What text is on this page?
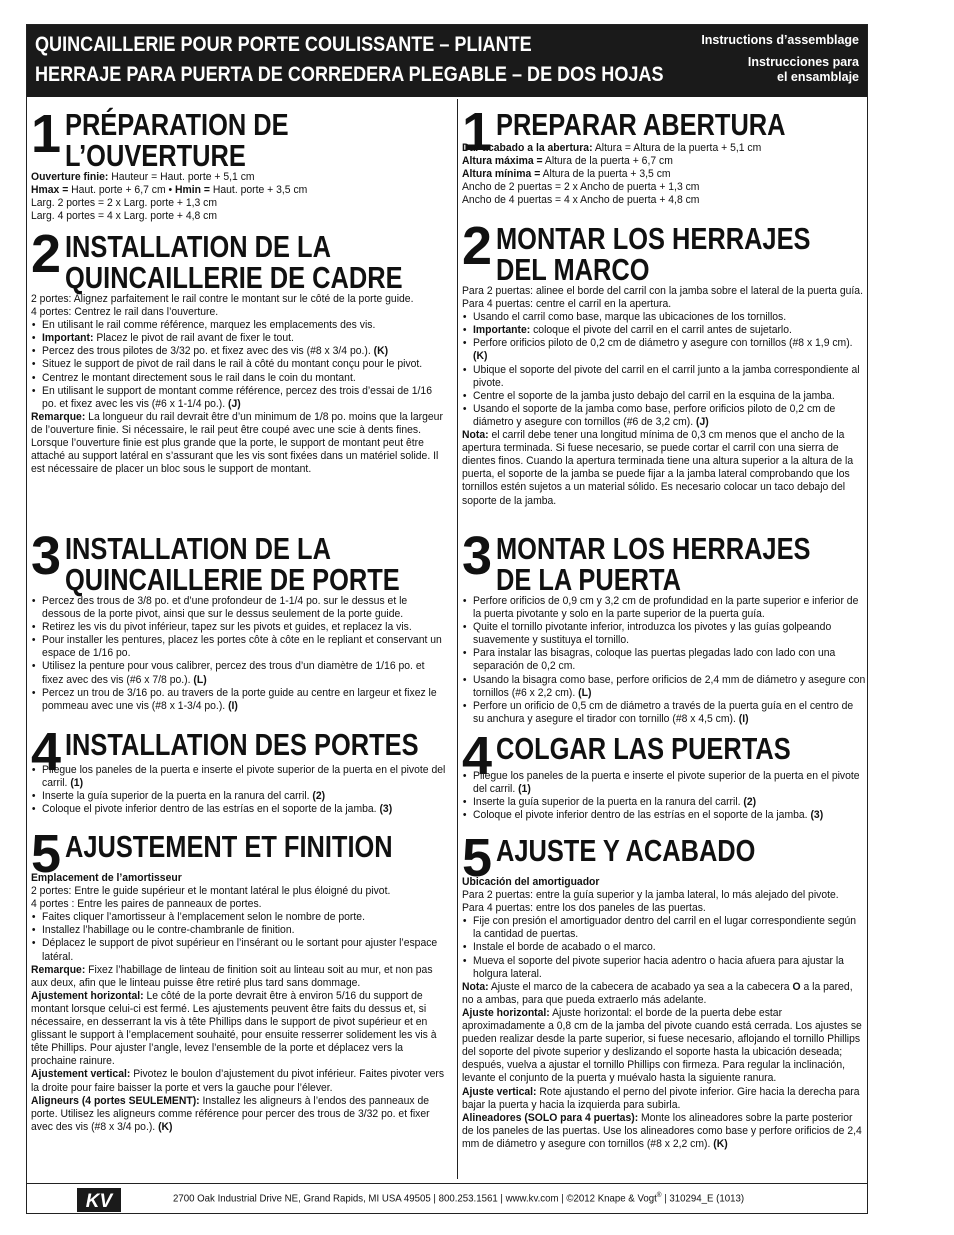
QUINCAILLERIE POUR PORTE COULISSANTE – PLIANTE
HERRAJE PARA PUERTA DE CORREDERA PLEGABLE – DE DOS HOJAS
Instructions d’assemblage
Instrucciones para
el ensamblaje
1 PRÉPARATION DE
L’OUVERTURE

Ouverture finie: Hauteur = Haut. porte + 5,1 cm

Hmax = Haut. porte + 6,7 cm • Hmin = Haut. porte + 3,5 cm

Larg. 2 portes = 2 x Larg. porte + 1,3 cm

Larg. 4 portes = 4 x Larg. porte + 4,8 cm

2 INSTALLATION DE LA
QUINCAILLERIE DE CADRE

2 portes: Alignez parfaitement le rail contre le montant sur le côté de la porte guide.

4 portes: Centrez le rail dans l’ouverture.

• En utilisant le rail comme référence, marquez les emplacements des vis.
• Important: Placez le pivot de rail avant de fixer le tout.
• Percez des trous pilotes de 3/32 po. et fixez avec des vis (#8 x 3/4 po.). (K)
• Situez le support de pivot de rail dans le rail à côté du montant conçu pour le pivot.
• Centrez le montant directement sous le rail dans le coin du montant.
• En utilisant le support de montant comme référence, percez des trois d’essai de 1/16 po. et fixez avec les vis (#6 x 1-1/4 po.). (J)

Remarque: La longueur du rail devrait être d’un minimum de 1/8 po. moins que la largeur de l’ouverture finie. Si nécessaire, le rail peut être coupé avec une scie à dents fines. Lorsque l’ouverture finie est plus grande que la porte, le support de montant peut être attaché au support latéral en s’assurant que les vis sont fixées dans un matériel solide. Il est nécessaire de placer un bloc sous le support de montant.

3 INSTALLATION DE LA
QUINCAILLERIE DE PORTE
• Percez des trous de 3/8 po. et d’une profondeur de 1-1/4 po. sur le dessus et le dessous de la porte pivot, ainsi que sur le dessus seulement de la porte guide.
• Retirez les vis du pivot inférieur, tapez sur les pivots et guides, et replacez la vis.
• Pour installer les pentures, placez les portes côte à côte en le repliant et conservant un espace de 1/16 po.
• Utilisez la penture pour vous calibrer, percez des trous d’un diamètre de 1/16 po. et fixez avec des vis (#6 x 7/8 po.). (L)
• Percez un trou de 3/16 po. au travers de la porte guide au centre en largeur et fixez le pommeau avec une vis (#8 x 1-3/4 po.). (I)
4 INSTALLATION DES PORTES
• Pliegue los paneles de la puerta e inserte el pivote superior de la puerta en el pivote del carril. (1)
• Inserte la guía superior de la puerta en la ranura del carril. (2)
• Coloque el pivote inferior dentro de las estrías en el soporte de la jamba. (3)
5 AJUSTEMENT ET FINITION

Emplacement de l’amortisseur

2 portes: Entre le guide supérieur et le montant latéral le plus éloigné du pivot.

4 portes : Entre les paires de panneaux de portes.

• Faites cliquer l’amortisseur à l’emplacement selon le nombre de porte.
• Installez l’habillage ou le contre-chambranle de finition.
• Déplacez le support de pivot supérieur en l’insérant ou le sortant pour ajuster l’espace latéral.

Remarque: Fixez l’habillage de linteau de finition soit au linteau soit au mur, et non pas aux deux, afin que le linteau puisse être retiré plus tard sans dommage.

Ajustement horizontal: Le côté de la porte devrait être à environ 5/16 du support de montant lorsque celui-ci est fermé. Les ajustements peuvent être faits du dessus et, si nécessaire, en desserrant la vis à tête Phillips dans le support de pivot supérieur et en glissant le support à l’emplacement souhaité, pour ensuite resserrer solidement les vis à tête Phillips. Pour ajuster l’angle, levez l’ensemble de la porte et déplacez vers la prochaine rainure.

Ajustement vertical: Pivotez le boulon d’ajustement du pivot inférieur. Faites pivoter vers la droite pour faire baisser la porte et vers la gauche pour l’élever.

Aligneurs (4 portes SEULEMENT): Installez les aligneurs à l’endos des panneaux de porte. Utilisez les aligneurs comme référence pour percer des trous de 3/32 po. et fixer avec des vis (#8 x 3/4 po.). (K)

1 PREPARAR ABERTURA

Dar acabado a la abertura: Altura = Altura de la puerta + 5,1 cm

Altura máxima = Altura de la puerta + 6,7 cm

Altura mínima = Altura de la puerta + 3,5 cm

Ancho de 2 puertas = 2 x Ancho de puerta + 1,3 cm

Ancho de 4 puertas = 4 x Ancho de puerta + 4,8 cm

2 MONTAR LOS HERRAJES
DEL MARCO

Para 2 puertas: alinee el borde del carril con la jamba sobre el lateral de la puerta guía.

Para 4 puertas: centre el carril en la apertura.

• Usando el carril como base, marque las ubicaciones de los tornillos.
• Importante: coloque el pivote del carril en el carril antes de sujetarlo.
• Perfore orificios piloto de 0,2 cm de diámetro y asegure con tornillos (#8 x 1,9 cm). (K)
• Ubique el soporte del pivote del carril en el carril junto a la jamba correspondiente al pivote.
• Centre el soporte de la jamba justo debajo del carril en la esquina de la jamba.
• Usando el soporte de la jamba como base, perfore orificios piloto de 0,2 cm de diámetro y asegure con tornillos (#6 de 3,2 cm). (J)

Nota: el carril debe tener una longitud mínima de 0,3 cm menos que el ancho de la apertura terminada. Si fuese necesario, se puede cortar el carril con una sierra de dientes finos. Cuando la apertura terminada tiene una altura superior a la altura de la puerta, el soporte de la jamba se puede fijar a la jamba lateral comprobando que los tornillos estén sujetos a un material sólido. Es necesario colocar un taco debajo del soporte de la jamba.

3 MONTAR LOS HERRAJES
DE LA PUERTA
• Perfore orificios de 0,9 cm y 3,2 cm de profundidad en la parte superior e inferior de la puerta pivotante y solo en la parte superior de la puerta guía.
• Quite el tornillo pivotante inferior, introduzca los pivotes y las guías golpeando suavemente y sustituya el tornillo.
• Para instalar las bisagras, coloque las puertas plegadas lado con lado con una separación de 0,2 cm.
• Usando la bisagra como base, perfore orificios de 2,4 mm de diámetro y asegure con tornillos (#6 x 2,2 cm). (L)
• Perfore un orificio de 0,5 cm de diámetro a través de la puerta guía en el centro de su anchura y asegure el tirador con tornillo (#8 x 4,5 cm). (I)
4 COLGAR LAS PUERTAS
• Pliegue los paneles de la puerta e inserte el pivote superior de la puerta en el pivote del carril. (1)
• Inserte la guía superior de la puerta en la ranura del carril. (2)
• Coloque el pivote inferior dentro de las estrías en el soporte de la jamba. (3)
5 AJUSTE Y ACABADO

Ubicación del amortiguador

Para 2 puertas: entre la guía superior y la jamba lateral, lo más alejado del pivote.

Para 4 puertas: entre los dos paneles de las puertas.

• Fije con presión el amortiguador dentro del carril en el lugar correspondiente según la cantidad de puertas.
• Instale el borde de acabado o el marco.
• Mueva el soporte del pivote superior hacia adentro o hacia afuera para ajustar la holgura lateral.

Nota: Ajuste el marco de la cabecera de acabado ya sea a la cabecera O a la pared, no a ambas, para que pueda extraerlo más adelante.

Ajuste horizontal: Ajuste horizontal: el borde de la puerta debe estar aproximadamente a 0,8 cm de la jamba del pivote cuando está cerrada. Los ajustes se pueden realizar desde la parte superior, si fuese necesario, aflojando el tornillo Phillips del soporte del pivote superior y deslizando el soporte hasta la ubicación deseada; después, vuelva a ajustar el tornillo Phillips con firmeza. Para regular la inclinación, levante el conjunto de la puerta y muévalo hasta la siguiente ranura.

Ajuste vertical: Rote ajustando el perno del pivote inferior. Gire hacia la derecha para bajar la puerta y hacia la izquierda para subirla.

Alineadores (SOLO para 4 puertas): Monte los alineadores sobre la parte posterior de los paneles de las puertas. Use los alineadores como base y perfore orificios de 2,4 mm de diámetro y asegure con tornillos (#8 x 2,2 cm). (K)

KV	2700 Oak Industrial Drive NE, Grand Rapids, MI USA 49505 | 800.253.1561 | www.kv.com | ©2012 Knape & Vogt® | 310294_E (1013)
